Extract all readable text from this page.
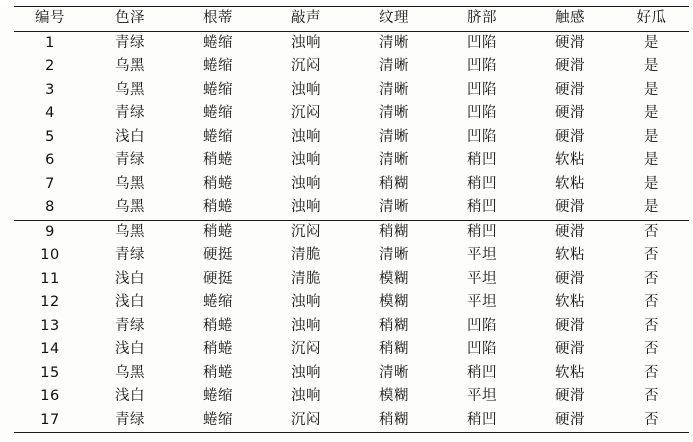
编号	色泽	根蒂	敲声	纹理	脐部	触感	好瓜
1	青绿	蜷缩	浊响	清晰	凹陷	硬滑	是
2	乌黑	蜷缩	沉闷	清晰	凹陷	硬滑	是
3	乌黑	蜷缩	浊响	清晰	凹陷	硬滑	是
4	青绿	蜷缩	沉闷	清晰	凹陷	硬滑	是
5	浅白	蜷缩	浊响	清晰	凹陷	硬滑	是
6	青绿	稍蜷	浊响	清晰	稍凹	软粘	是
7	乌黑	稍蜷	浊响	稍糊	稍凹	软粘	是
8	乌黑	稍蜷	浊响	清晰	稍凹	硬滑	是
9	乌黑	稍蜷	沉闷	稍糊	稍凹	硬滑	否
10	青绿	硬挺	清脆	清晰	平坦	软粘	否
11	浅白	硬挺	清脆	模糊	平坦	硬滑	否
12	浅白	蜷缩	浊响	模糊	平坦	软粘	否
13	青绿	稍蜷	浊响	稍糊	凹陷	硬滑	否
14	浅白	稍蜷	沉闷	稍糊	凹陷	硬滑	否
15	乌黑	稍蜷	浊响	清晰	稍凹	软粘	否
16	浅白	蜷缩	浊响	模糊	平坦	硬滑	否
17	青绿	蜷缩	沉闷	稍糊	稍凹	硬滑	否
